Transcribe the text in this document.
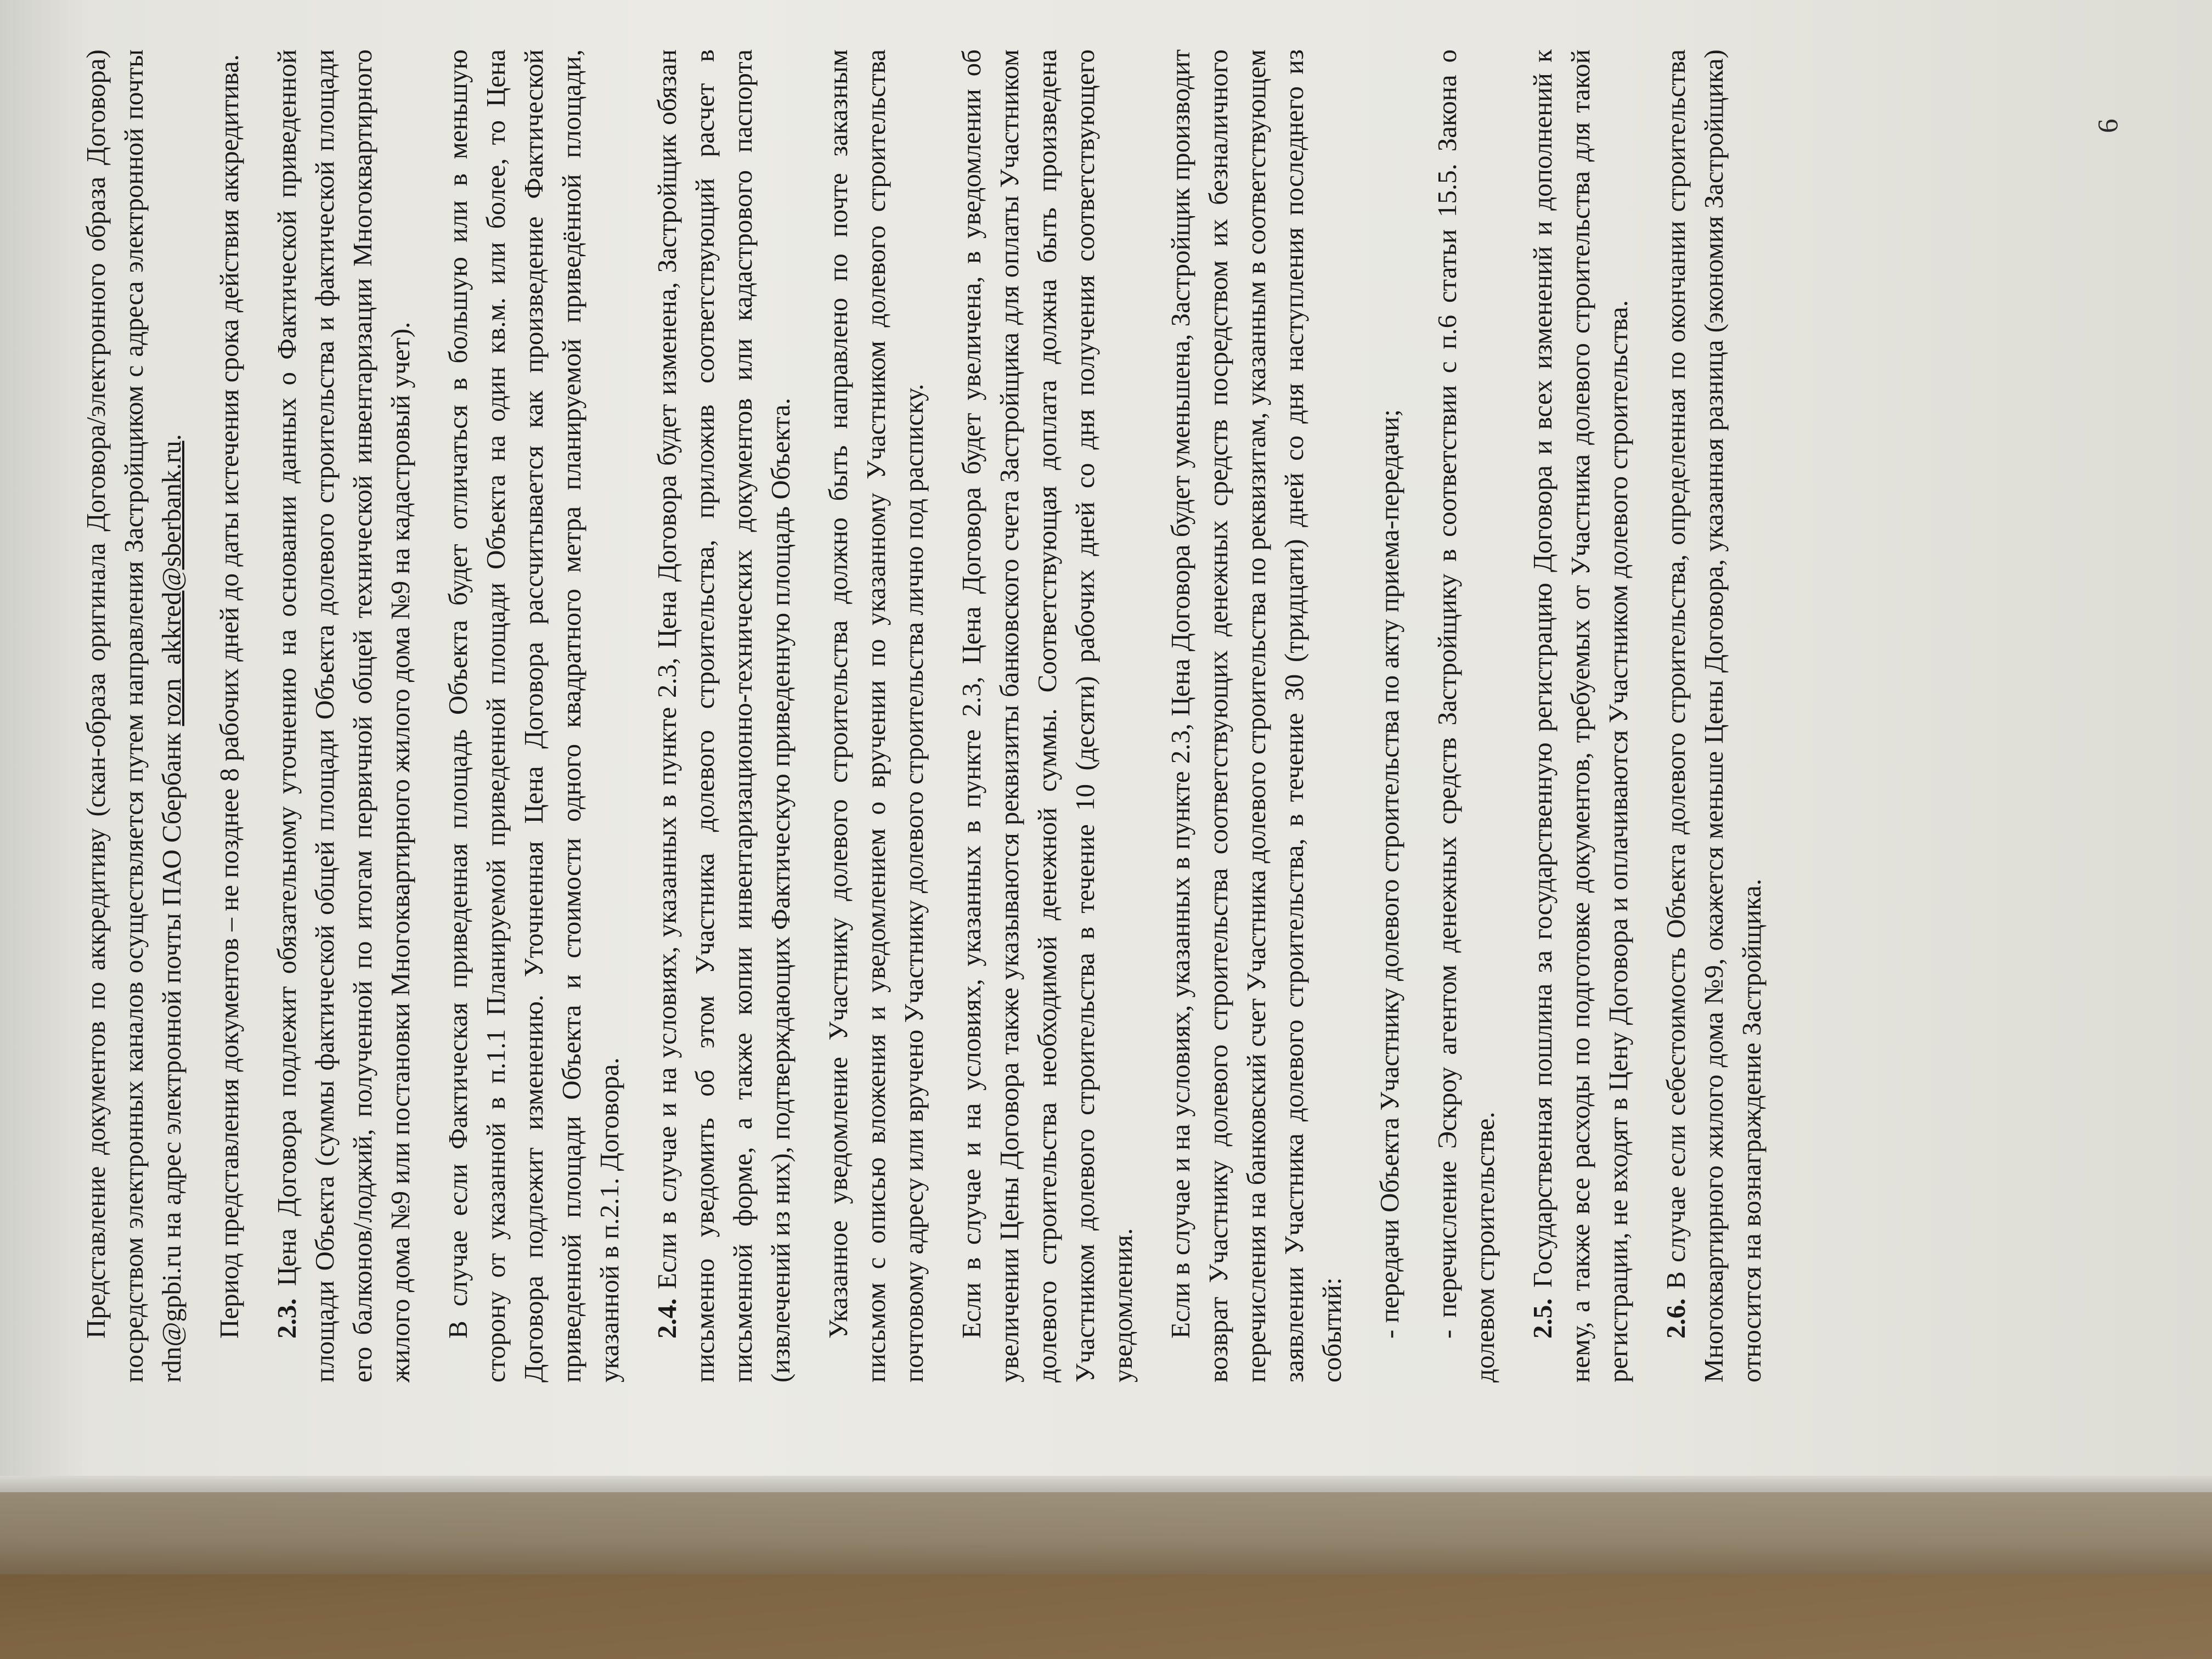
Представление документов по аккредитиву (скан-образа оригинала Договора/электронного образа Договора) посредством электронных каналов осуществляется путем направления Застройщиком с адреса электронной почты rdn@gpbi.ru на адрес электронной почты ПАО Сбербанк rozn_akkred@sberbank.ru. Период представления документов – не позднее 8 рабочих дней до даты истечения срока действия аккредитива. 2.3. Цена Договора подлежит обязательному уточнению на основании данных о Фактической приведенной площади Объекта (суммы фактической общей площади Объекта долевого строительства и фактической площади его балконов/лоджий, полученной по итогам первичной общей технической инвентаризации Многоквартирного жилого дома №9 или постановки Многоквартирного жилого дома №9 на кадастровый учет). В случае если Фактическая приведенная площадь Объекта будет отличаться в большую или в меньшую сторону от указанной в п.1.1 Планируемой приведенной площади Объекта на один кв.м. или более, то Цена Договора подлежит изменению. Уточненная Цена Договора рассчитывается как произведение Фактической приведенной площади Объекта и стоимости одного квадратного метра планируемой приведённой площади, указанной в п.2.1. Договора. 2.4. Если в случае и на условиях, указанных в пункте 2.3, Цена Договора будет изменена, Застройщик обязан письменно уведомить об этом Участника долевого строительства, приложив соответствующий расчет в письменной форме, а также копии инвентаризационно-технических документов или кадастрового паспорта (извлечений из них), подтверждающих Фактическую приведенную площадь Объекта. Указанное уведомление Участнику долевого строительства должно быть направлено по почте заказным письмом с описью вложения и уведомлением о вручении по указанному Участником долевого строительства почтовому адресу или вручено Участнику долевого строительства лично под расписку. Если в случае и на условиях, указанных в пункте 2.3, Цена Договора будет увеличена, в уведомлении об увеличении Цены Договора также указываются реквизиты банковского счета Застройщика для оплаты Участником долевого строительства необходимой денежной суммы. Соответствующая доплата должна быть произведена Участником долевого строительства в течение 10 (десяти) рабочих дней со дня получения соответствующего уведомления. Если в случае и на условиях, указанных в пункте 2.3, Цена Договора будет уменьшена, Застройщик производит возврат Участнику долевого строительства соответствующих денежных средств посредством их безналичного перечисления на банковский счет Участника долевого строительства по реквизитам, указанным в соответствующем заявлении Участника долевого строительства, в течение 30 (тридцати) дней со дня наступления последнего из событий: - передачи Объекта Участнику долевого строительства по акту приема-передачи; - перечисление Эскроу агентом денежных средств Застройщику в соответствии с п.6 статьи 15.5. Закона о долевом строительстве. 2.5. Государственная пошлина за государственную регистрацию Договора и всех изменений и дополнений к нему, а также все расходы по подготовке документов, требуемых от Участника долевого строительства для такой регистрации, не входят в Цену Договора и оплачиваются Участником долевого строительства. 2.6. В случае если себестоимость Объекта долевого строительства, определенная по окончании строительства Многоквартирного жилого дома №9, окажется меньше Цены Договора, указанная разница (экономия Застройщика) относится на вознаграждение Застройщика.

6
